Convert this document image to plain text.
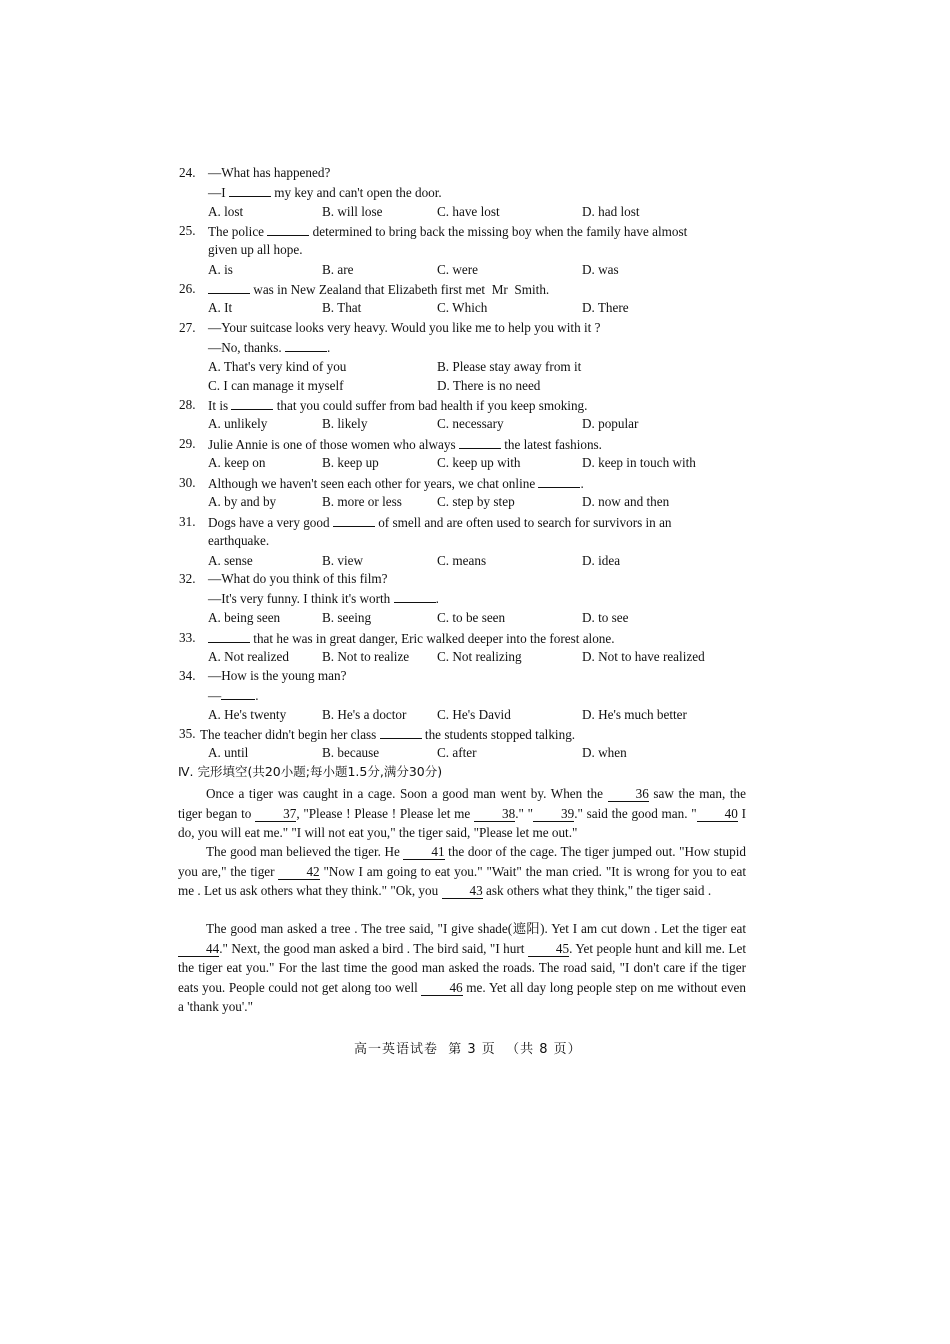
24. —What has happened?
—I	my key and can't open the door.
A. lost	B. will lose	C. have lost	D. had lost
25. The police	determined to bring back the missing boy when the family have almost
given up all hope.
A. is	B. are	C. were	D. was
26.	was in New Zealand that Elizabeth first met  Mr  Smith.
A. It	B. That	C. Which	D. There
27. —Your suitcase looks very heavy. Would you like me to help you with it ?
—No, thanks.	.
A. That's very kind of you	B. Please stay away from it
C. I can manage it myself	D. There is no need
28. It is	that you could suffer from bad health if you keep smoking.
A. unlikely	B. likely	C. necessary	D. popular
29. Julie Annie is one of those women who always	the latest fashions.
A. keep on	B. keep up	C. keep up with	D. keep in touch with
30. Although we haven't seen each other for years, we chat online	.
A. by and by	B. more or less	C. step by step	D. now and then
31. Dogs have a very good	of smell and are often used to search for survivors in an
earthquake.
A. sense	B. view	C. means	D. idea
32. —What do you think of this film?
—It's very funny. I think it's worth	.
A. being seen	B. seeing	C. to be seen	D. to see
33.	that he was in great danger, Eric walked deeper into the forest alone.
A. Not realized	B. Not to realize C. Not realizing	D. Not to have realized
34. —How is the young man?
—	.
A. He's twenty	B. He's a doctor C. He's David	D. He's much better
35. The teacher didn't begin her class	the students stopped talking.
A. until	B. because	C. after	D. when
Ⅳ. 完形填空(共20小题;每小题1.5分,满分30分)
Once a tiger was caught in a cage. Soon a good man went by. When the 36 saw the man, the tiger began to 37, "Please ! Please ! Please let me 38." " 39." said the good man. " 40 I do, you will eat me." "I will not eat you," the tiger said, "Please let me out."
The good man believed the tiger. He 41 the door of the cage. The tiger jumped out. "How stupid you are," the tiger 42 "Now I am going to eat you." "Wait" the man cried. "It is wrong for you to eat me . Let us ask others what they think." "Ok, you 43 ask others what they think," the tiger said .
The good man asked a tree . The tree said, "I give shade(遮阳). Yet I am cut down . Let the tiger eat 44." Next, the good man asked a bird . The bird said, "I hurt 45. Yet people hunt and kill me. Let the tiger eat you." For the last time the good man asked the roads. The road said, "I don't care if the tiger eats you. People could not get along too well 46 me. Yet all day long people step on me without even a 'thank you'."
高一英语试卷  第 3 页  （共 8 页）
